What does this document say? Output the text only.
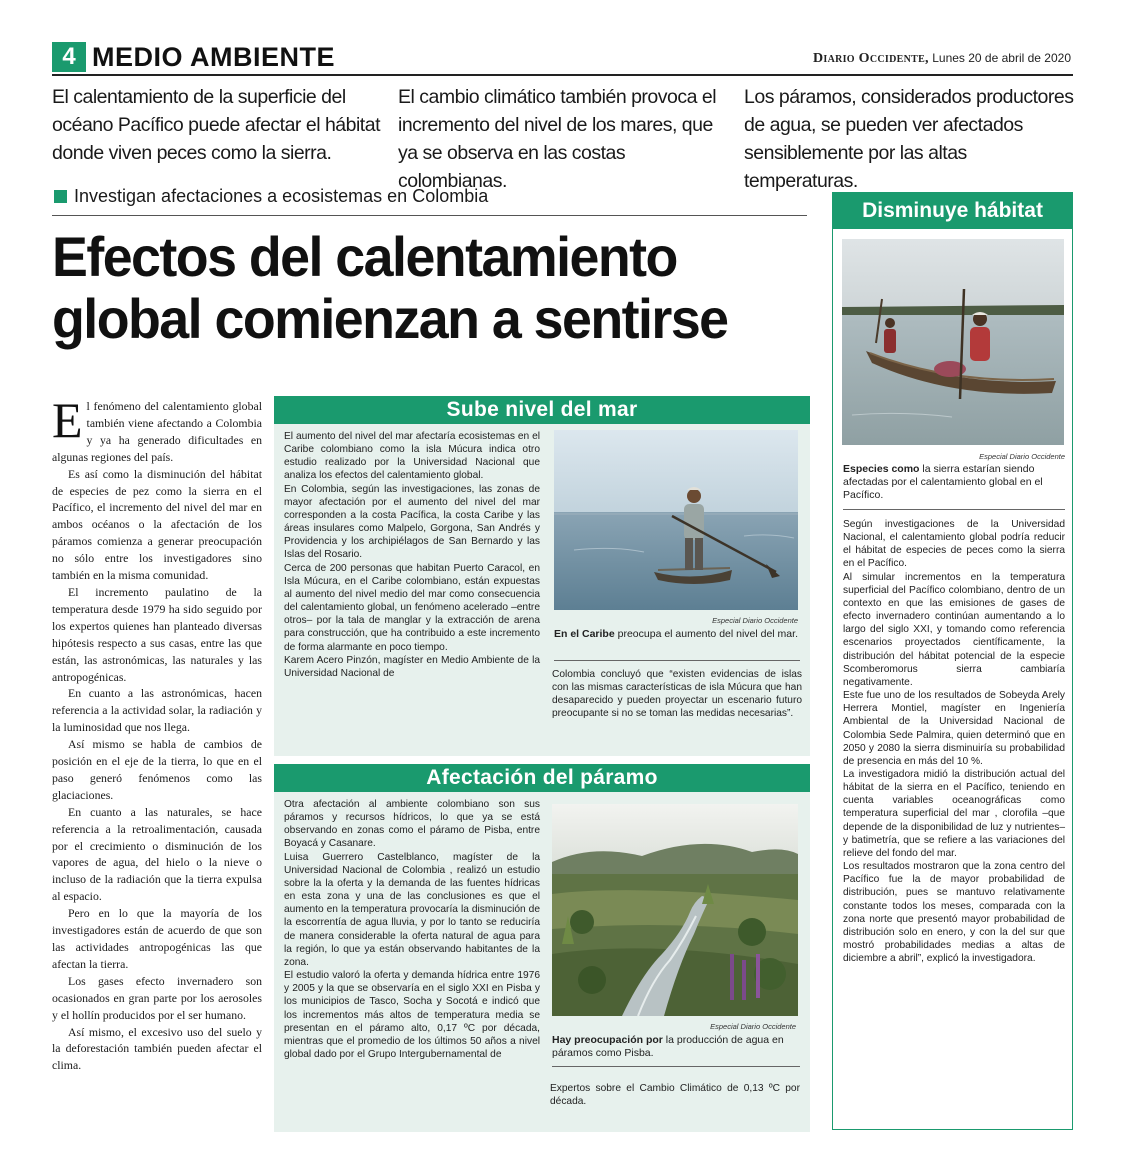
4 MEDIO AMBIENTE	Diario Occidente, Lunes 20 de abril de 2020
El calentamiento de la superficie del océano Pacífico puede afectar el hábitat donde viven peces como la sierra.
El cambio climático también provoca el incremento del nivel de los mares, que ya se observa en las costas colombianas.
Los páramos, considerados productores de agua, se pueden ver afectados sensiblemente por las altas temperaturas.
Investigan afectaciones a ecosistemas en Colombia
Efectos del calentamiento global comienzan a sentirse

El fenómeno del calentamiento global también viene afectando a Colombia y ya ha generado dificultades en algunas regiones del país.

Es así como la disminución del hábitat de especies de pez como la sierra en el Pacífico, el incremento del nivel del mar en ambos océanos o la afectación de los páramos comienza a generar preocupación no sólo entre los investigadores sino también en la misma comunidad.

El incremento paulatino de la temperatura desde 1979 ha sido seguido por los expertos quienes han planteado diversas hipótesis respecto a sus casas, entre las que están, las astronómicas, las naturales y las antropogénicas.

En cuanto a las astronómicas, hacen referencia a la actividad solar, la radiación y la luminosidad que nos llega.

Así mismo se habla de cambios de posición en el eje de la tierra, lo que en el paso generó fenómenos como las glaciaciones.

En cuanto a las naturales, se hace referencia a la retroalimentación, causada por el crecimiento o disminución de los vapores de agua, del hielo o la nieve o incluso de la radiación que la tierra expulsa al espacio.

Pero en lo que la mayoría de los investigadores están de acuerdo de que son las actividades antropogénicas las que afectan la tierra.

Los gases efecto invernadero son ocasionados en gran parte por los aerosoles y el hollín producidos por el ser humano.

Así mismo, el excesivo uso del suelo y la deforestación también pueden afectar el clima.

Sube nivel del mar

El aumento del nivel del mar afectaría ecosistemas en el Caribe colombiano como la isla Múcura indica otro estudio realizado por la Universidad Nacional que analiza los efectos del calentamiento global.

En Colombia, según las investigaciones, las zonas de mayor afectación por el aumento del nivel del mar corresponden a la costa Pacífica, la costa Caribe y las áreas insulares como Malpelo, Gorgona, San Andrés y Providencia y los archipiélagos de San Bernardo y las Islas del Rosario.

Cerca de 200 personas que habitan Puerto Caracol, en Isla Múcura, en el Caribe colombiano, están expuestas al aumento del nivel medio del mar como consecuencia del calentamiento global, un fenómeno acelerado –entre otros– por la tala de manglar y la extracción de arena para construcción, que ha contribuido a este incremento de forma alarmante en poco tiempo.

Karem Acero Pinzón, magíster en Medio Ambiente de la Universidad Nacional de

Especial Diario Occidente
En el Caribe preocupa el aumento del nivel del mar.
Colombia concluyó que “existen evidencias de islas con las mismas características de isla Múcura que han desaparecido y pueden proyectar un escenario futuro preocupante si no se toman las medidas necesarias”.
Afectación del páramo

Otra afectación al ambiente colombiano son sus páramos y recursos hídricos, lo que ya se está observando en zonas como el páramo de Pisba, entre Boyacá y Casanare.

Luisa Guerrero Castelblanco, magíster de la Universidad Nacional de Colombia , realizó un estudio sobre la la oferta y la demanda de las fuentes hídricas en esta zona y una de las conclusiones es que el aumento en la temperatura provocaría la disminución de la escorrentía de agua lluvia, y por lo tanto se reduciría de manera considerable la oferta natural de agua para la región, lo que ya están observando habitantes de la zona.

El estudio valoró la oferta y demanda hídrica entre 1976 y 2005 y la que se observaría en el siglo XXI en Pisba y los municipios de Tasco, Socha y Socotá e indicó que los incrementos más altos de temperatura media se presentan en el páramo alto, 0,17 ºC por década, mientras que el promedio de los últimos 50 años a nivel global dado por el Grupo Intergubernamental de

Especial Diario Occidente
Hay preocupación por la producción de agua en páramos como Pisba.
Expertos sobre el Cambio Climático de 0,13 ºC por década.
Disminuye hábitat
Especial Diario Occidente
Especies como la sierra estarían siendo afectadas por el calentamiento global en el Pacífico.

Según investigaciones de la Universidad Nacional, el calentamiento global podría reducir el hábitat de especies de peces como la sierra en el Pacífico.

Al simular incrementos en la temperatura superficial del Pacífico colombiano, dentro de un contexto en que las emisiones de gases de efecto invernadero continúan aumentando a lo largo del siglo XXI, y tomando como referencia escenarios proyectados científicamente, la distribución del hábitat potencial de la especie Scomberomorus sierra cambiaría negativamente.

Este fue uno de los resultados de Sobeyda Arely Herrera Montiel, magíster en Ingeniería Ambiental de la Universidad Nacional de Colombia Sede Palmira, quien determinó que en 2050 y 2080 la sierra disminuiría su probabilidad de presencia en más del 10 %.

La investigadora midió la distribución actual del hábitat de la sierra en el Pacífico, teniendo en cuenta variables oceanográficas como temperatura superficial del mar , clorofila –que depende de la disponibilidad de luz y nutrientes– y batimetría, que se refiere a las variaciones del relieve del fondo del mar.

Los resultados mostraron que la zona centro del Pacífico fue la de mayor probabilidad de distribución, pues se mantuvo relativamente constante todos los meses, comparada con la zona norte que presentó mayor probabilidad de distribución solo en enero, y con la del sur que mostró probabilidades medias a altas de diciembre a abril”, explicó la investigadora.
